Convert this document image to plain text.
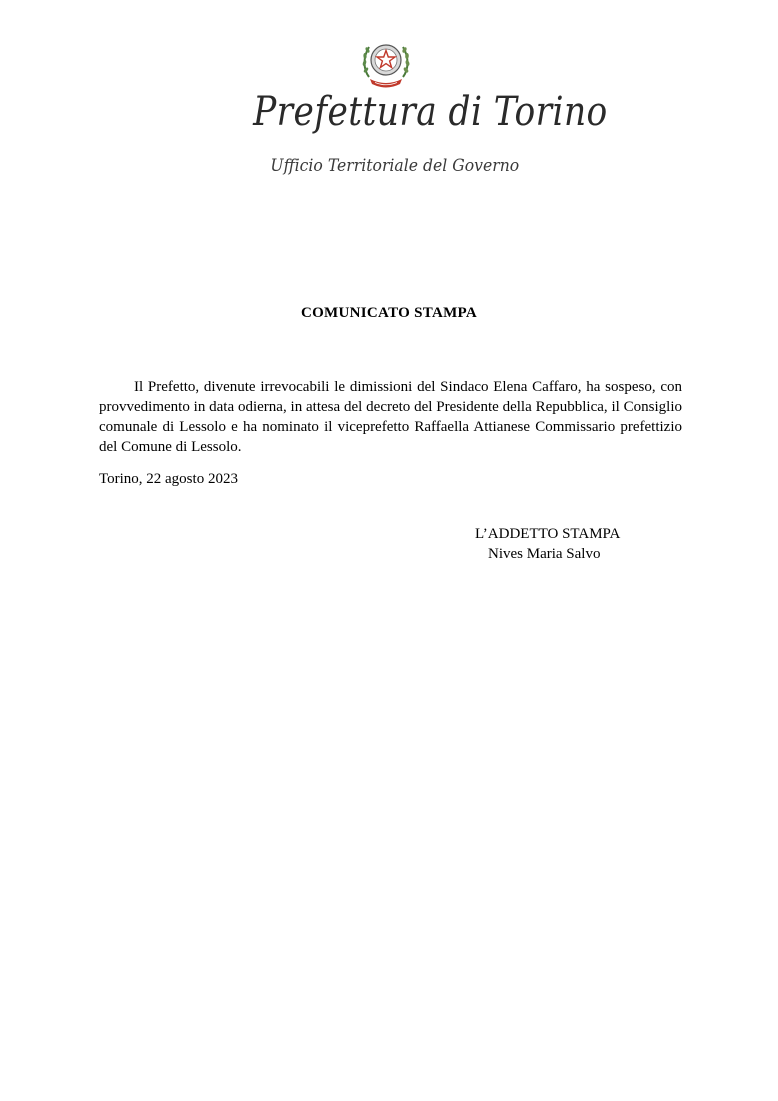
Prefettura di Torino
Ufficio Territoriale del Governo
COMUNICATO STAMPA

Il Prefetto, divenute irrevocabili le dimissioni del Sindaco Elena Caffaro, ha sospeso, con provvedimento in data odierna, in attesa del decreto del Presidente della Repubblica, il Consiglio comunale di Lessolo e ha nominato il viceprefetto Raffaella Attianese Commissario prefettizio del Comune di Lessolo.

Torino, 22 agosto 2023
L’ADDETTO STAMPA
Nives Maria Salvo
